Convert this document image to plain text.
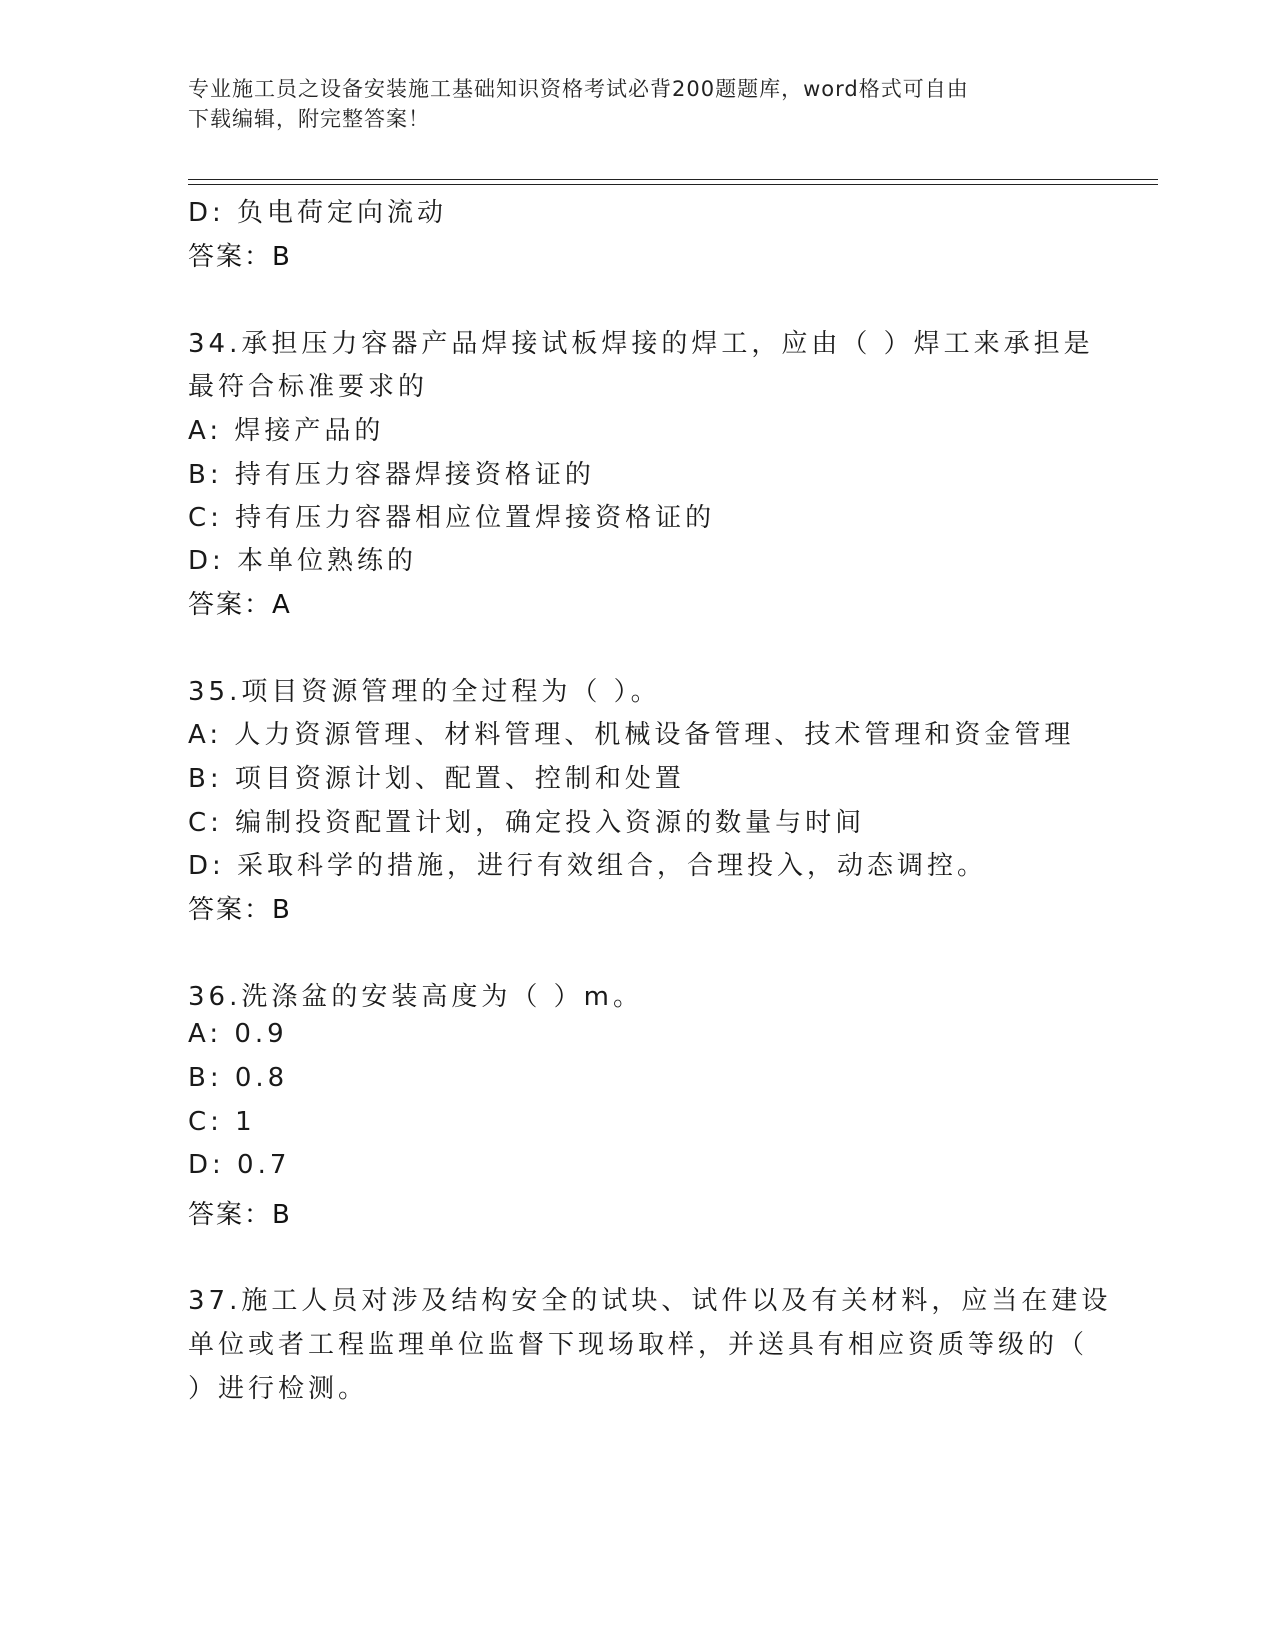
专业施工员之设备安装施工基础知识资格考试必背200题题库，word格式可自由
下载编辑，附完整答案！
D: 负电荷定向流动
答案：B
34.承担压力容器产品焊接试板焊接的焊工，应由（ ）焊工来承担是
最符合标准要求的
A: 焊接产品的
B: 持有压力容器焊接资格证的
C: 持有压力容器相应位置焊接资格证的
D: 本单位熟练的
答案：A
35.项目资源管理的全过程为（ ）。
A: 人力资源管理、材料管理、机械设备管理、技术管理和资金管理
B: 项目资源计划、配置、控制和处置
C: 编制投资配置计划，确定投入资源的数量与时间
D: 采取科学的措施，进行有效组合，合理投入，动态调控。
答案：B
36.洗涤盆的安装高度为（ ）m。
A: 0.9
B: 0.8
C: 1
D: 0.7
答案：B
37.施工人员对涉及结构安全的试块、试件以及有关材料，应当在建设
单位或者工程监理单位监督下现场取样，并送具有相应资质等级的（
）进行检测。
